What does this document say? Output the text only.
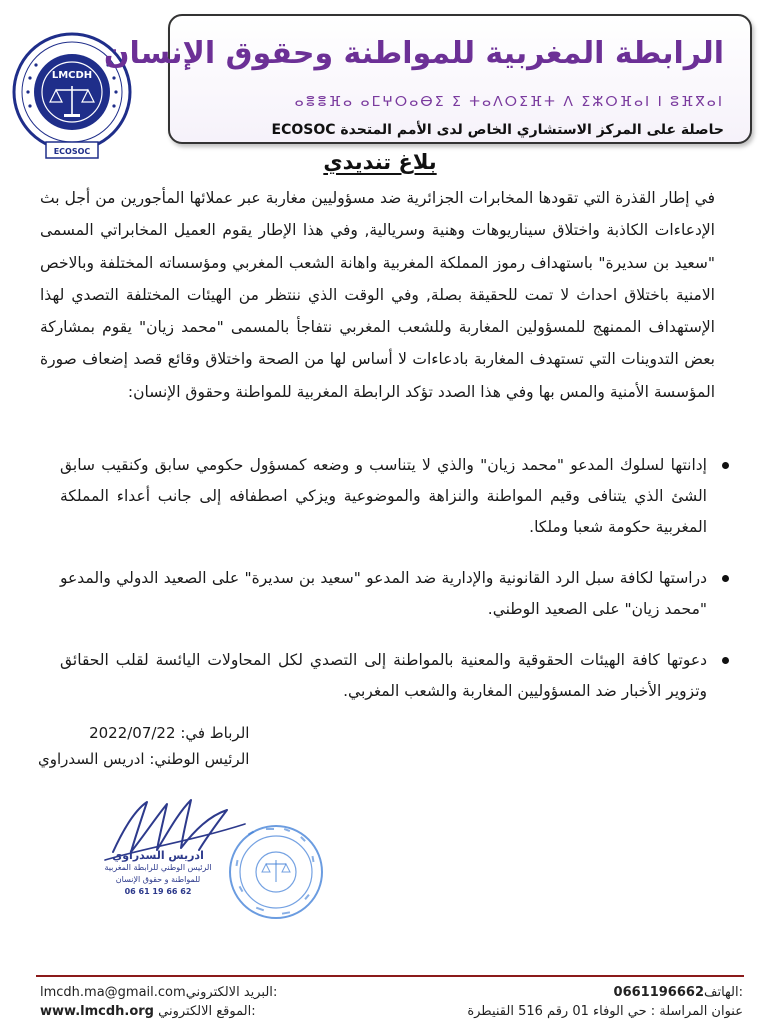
LMCDH
ECOSOC
الرابطة المغربية للمواطنة وحقوق الإنسان
ⴰⴻⴻⴼⴰ ⴰⵎⵖⵔⴰⴱⵉ ⵉ ⵜⴰⴷⵔⵉⴼⵜ ⴷ ⵉⵣⵔⴼⴰⵏ ⵏ ⵓⴼⴳⴰⵏ
حاصلة على المركز الاستشاري الخاص لدى الأمم المتحدة ECOSOC
بلاغ تنديدي

في إطار القذرة التي تقودها المخابرات الجزائرية ضد مسؤوليين مغاربة عبر عملائها المأجورين من أجل بث الإدعاءات الكاذبة واختلاق سيناريوهات وهنية وسريالية, وفي هذا الإطار يقوم العميل المخابراتي المسمى "سعيد بن سديرة" باستهداف رموز المملكة المغربية واهانة الشعب المغربي ومؤسساته المختلفة وبالاخص الامنية باختلاق احداث لا تمت للحقيقة بصلة, وفي الوقت الذي ننتظر من الهيئات المختلفة التصدي لهذا الإستهداف الممنهج للمسؤولين المغاربة وللشعب المغربي نتفاجأ بالمسمى "محمد زيان" يقوم بمشاركة بعض التدوينات التي تستهدف المغاربة بادعاءات لا أساس لها من الصحة واختلاق وقائع قصد إضعاف صورة المؤسسة الأمنية والمس بها وفي هذا الصدد تؤكد الرابطة المغربية للمواطنة وحقوق الإنسان:

إدانتها لسلوك المدعو "محمد زيان" والذي لا يتناسب و وضعه كمسؤول حكومي سابق وكنقيب سابق الشئ الذي يتنافى وقيم المواطنة والنزاهة والموضوعية ويزكي اصطفافه إلى جانب أعداء المملكة المغربية حكومة شعبا وملكا.
دراستها لكافة سبل الرد القانونية والإدارية ضد المدعو "سعيد بن سديرة" على الصعيد الدولي والمدعو "محمد زيان" على الصعيد الوطني.
دعوتها كافة الهيئات الحقوقية والمعنية بالمواطنة إلى التصدي لكل المحاولات اليائسة لقلب الحقائق وتزوير الأخبار ضد المسؤوليين المغاربة والشعب المغربي.
الرباط في: 2022/07/22
الرئيس الوطني: ادريس السدراوي
ادريس السدراوي
الرئيس الوطني للرابطة المغربية
للمواطنة و حقوق الإنسان
06 61 19 66 62
lmcdh.ma@gmail.comالبريد الالكتروني:	0661196662الهاتف:
www.lmcdh.org الموقع الالكتروني:	عنوان المراسلة : حي الوفاء 01 رقم 516 القنيطرة
